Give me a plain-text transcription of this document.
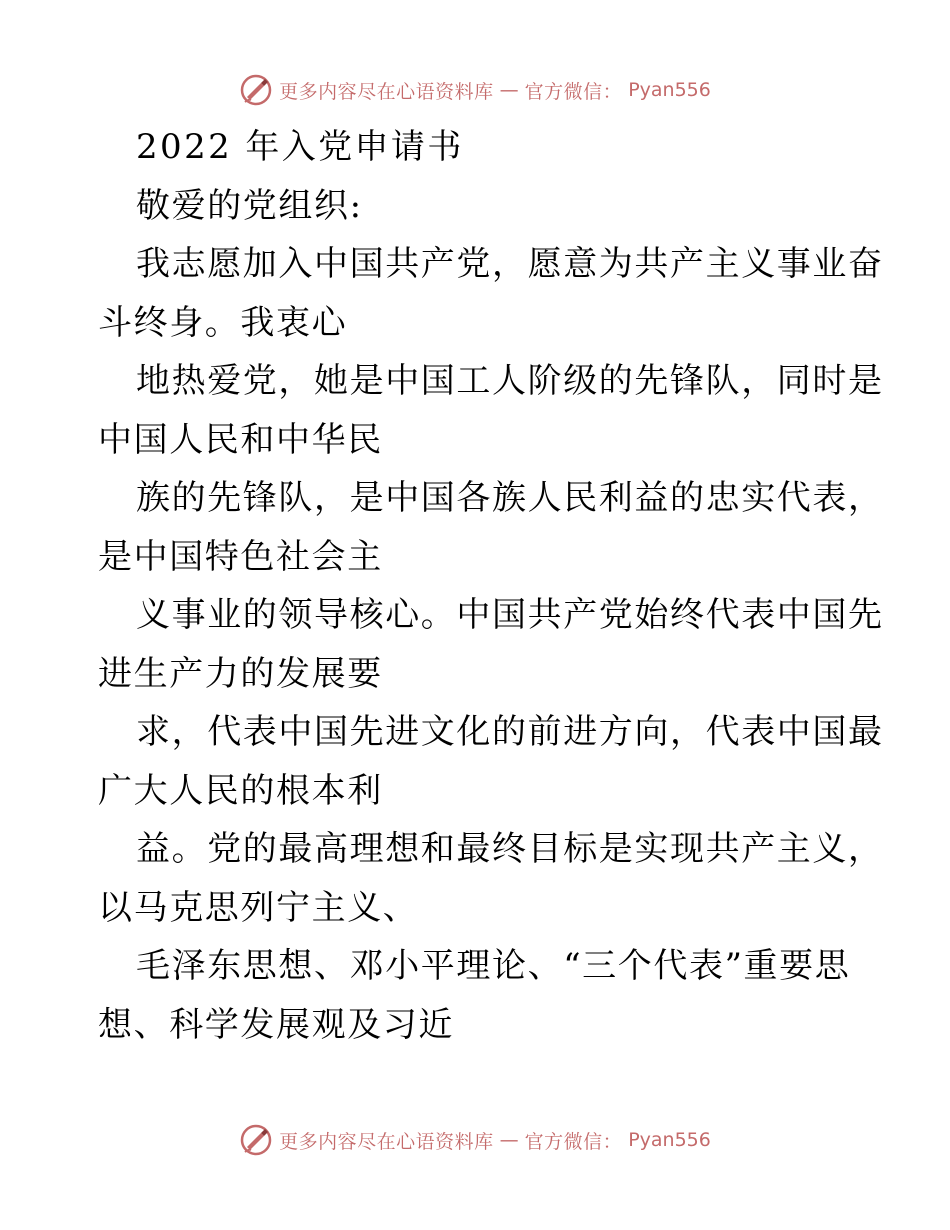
更多内容尽在心语资料库 — 官方微信： Pyan556
2022 年入党申请书
敬爱的党组织:
我志愿加入中国共产党，愿意为共产主义事业奋
斗终身。我衷心
地热爱党，她是中国工人阶级的先锋队，同时是
中国人民和中华民
族的先锋队，是中国各族人民利益的忠实代表，
是中国特色社会主
义事业的领导核心。中国共产党始终代表中国先
进生产力的发展要
求，代表中国先进文化的前进方向，代表中国最
广大人民的根本利
益。党的最高理想和最终目标是实现共产主义，
以马克思列宁主义、
毛泽东思想、邓小平理论、“三个代表”重要思
想、科学发展观及习近
更多内容尽在心语资料库 — 官方微信： Pyan556
